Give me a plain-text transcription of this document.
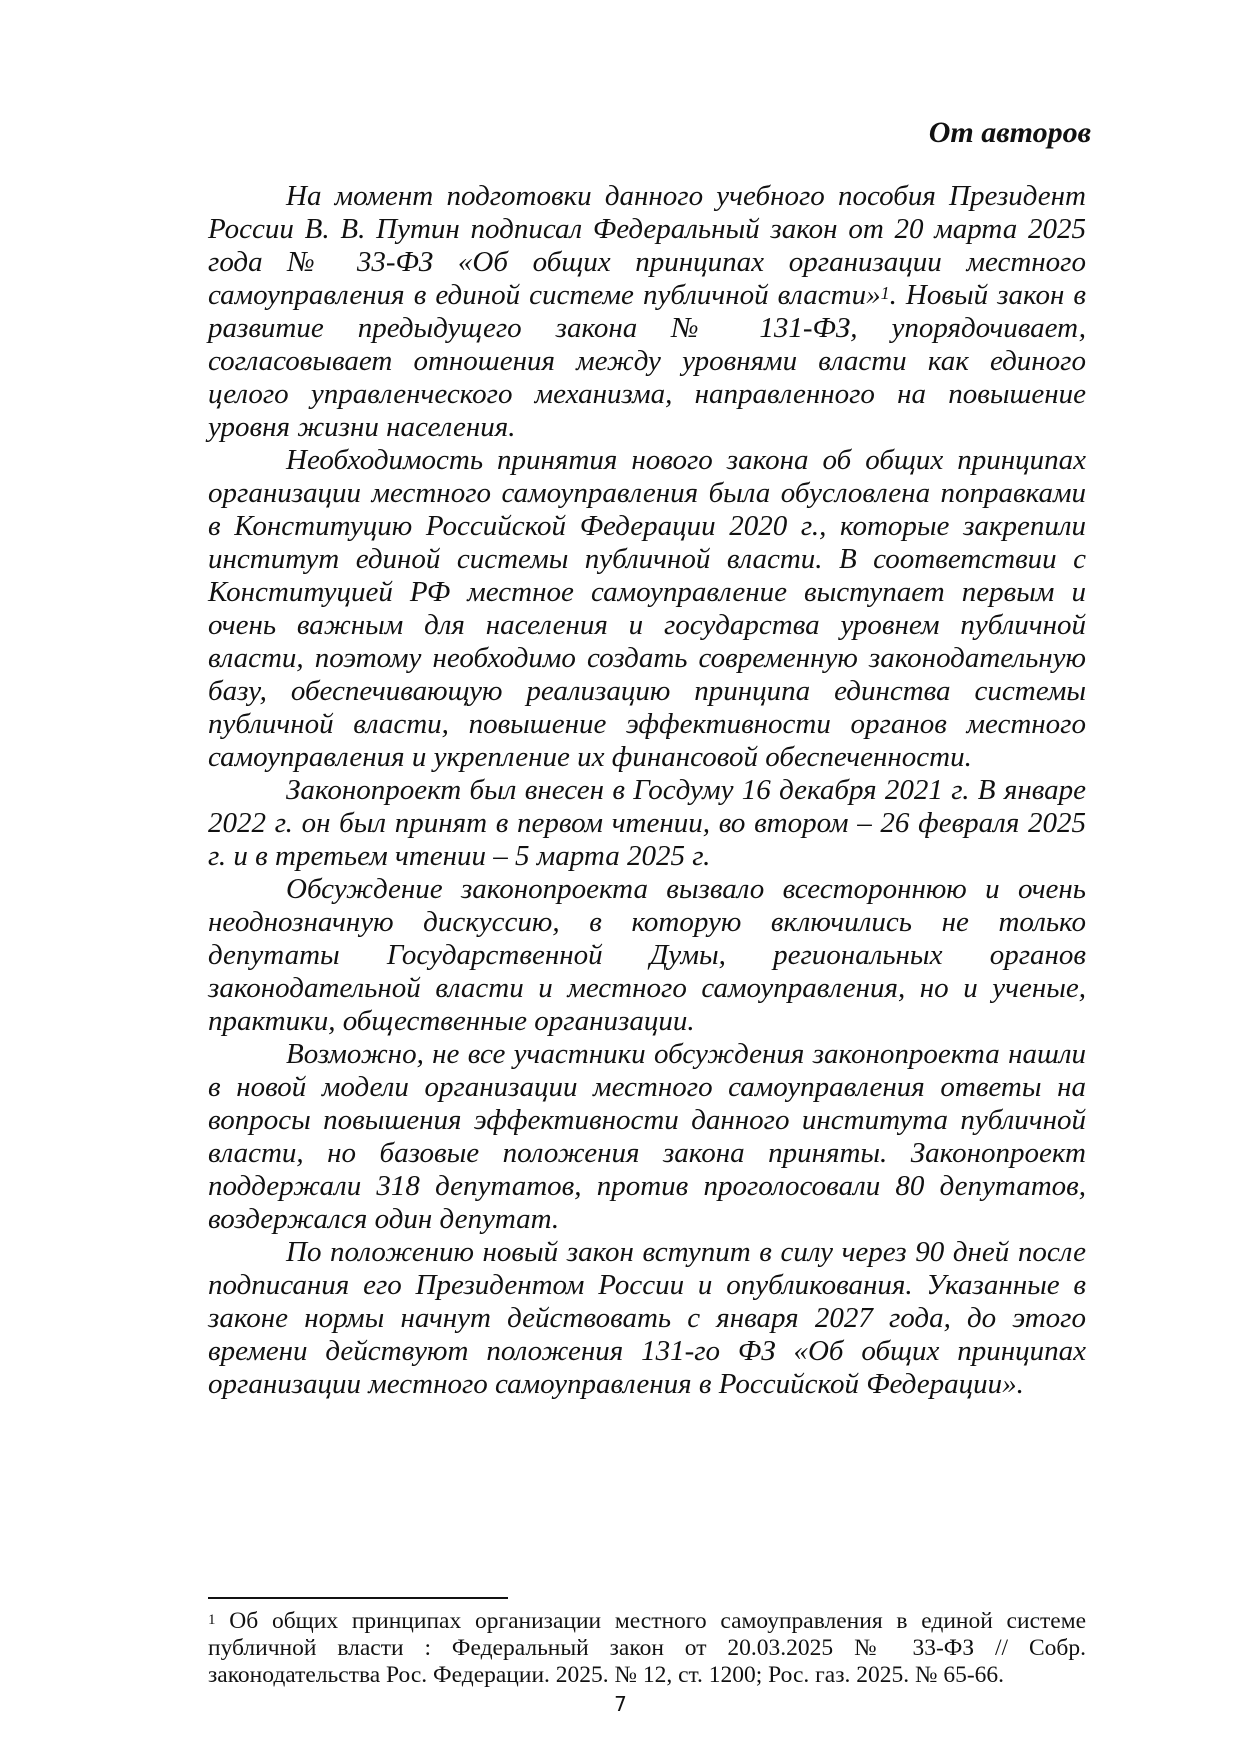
От авторов

На момент подготовки данного учебного пособия Президент России В. В. Путин подписал Федеральный закон от 20 марта 2025 года № 33-ФЗ «Об общих принципах организации местного самоуправления в единой системе публичной власти»$^1$. Новый закон в развитие предыдущего закона № 131-ФЗ, упорядочивает, согласовывает отношения между уровнями власти как единого целого управленческого механизма, направленного на повышение уровня жизни населения.

Необходимость принятия нового закона об общих принципах организации местного самоуправления была обусловлена поправками в Конституцию Российской Федерации 2020 г., которые закрепили институт единой системы публичной власти. В соответствии с Конституцией РФ местное самоуправление выступает первым и очень важным для населения и государства уровнем публичной власти, поэтому необходимо создать современную законодательную базу, обеспечивающую реализацию принципа единства системы публичной власти, повышение эффективности органов местного самоуправления и укрепление их финансовой обеспеченности.

Законопроект был внесен в Госдуму 16 декабря 2021 г. В январе 2022 г. он был принят в первом чтении, во втором – 26 февраля 2025 г. и в третьем чтении – 5 марта 2025 г.

Обсуждение законопроекта вызвало всестороннюю и очень неоднозначную дискуссию, в которую включились не только депутаты Государственной Думы, региональных органов законодательной власти и местного самоуправления, но и ученые, практики, общественные организации.

Возможно, не все участники обсуждения законопроекта нашли в новой модели организации местного самоуправления ответы на вопросы повышения эффективности данного института публичной власти, но базовые положения закона приняты. Законопроект поддержали 318 депутатов, против проголосовали 80 депутатов, воздержался один депутат.

По положению новый закон вступит в силу через 90 дней после подписания его Президентом России и опубликования. Указанные в законе нормы начнут действовать с января 2027 года, до этого времени действуют положения 131-го ФЗ «Об общих принципах организации местного самоуправления в Российской Федерации».

$^1$ Об общих принципах организации местного самоуправления в единой системе публичной власти : Федеральный закон от 20.03.2025 № 33-ФЗ // Собр. законодательства Рос. Федерации. 2025. № 12, ст. 1200; Рос. газ. 2025. № 65-66.

7
